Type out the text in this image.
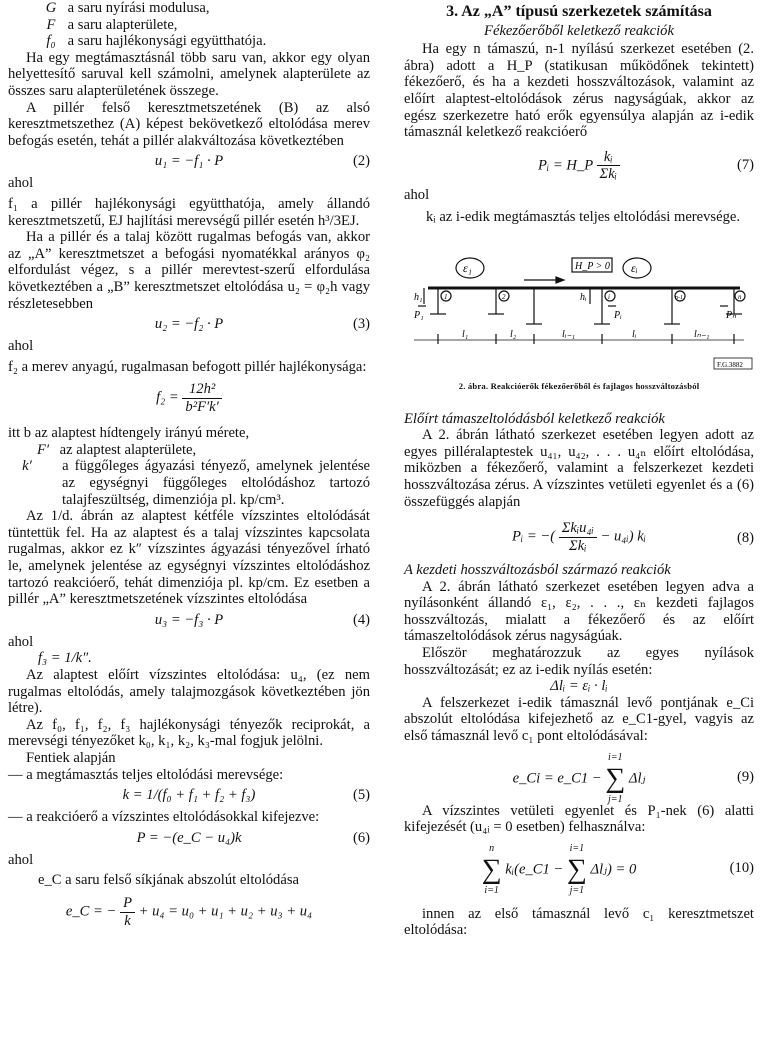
G a saru nyírási modulusa,

F a saru alapterülete,

f₀ a saru hajlékonysági együtthatója.

Ha egy megtámasztásnál több saru van, akkor egy olyan helyettesítő saruval kell számolni, amelynek alapterülete az összes saru alapterületének összege.

A pillér felső keresztmetszetének (B) az alsó keresztmetszethez (A) képest bekövetkező eltolódása merev befogás esetén, tehát a pillér alakváltozása következtében

u₁ = −f₁ · P	(2)

ahol

f₁ a pillér hajlékonysági együtthatója, amely állandó keresztmetszetű, EJ hajlítási merevségű pillér esetén h³/3EJ.

Ha a pillér és a talaj között rugalmas befogás van, akkor az „A” keresztmetszet a befogási nyomatékkal arányos φ₂ elfordulást végez, s a pillér merevtest-szerű elfordulása következtében a „B” keresztmetszet eltolódása u₂ = φ₂h vagy részletesebben

u₂ = −f₂ · P	(3)

ahol

f₂ a merev anyagú, rugalmasan befogott pillér hajlékonysága:

$f_2 = \frac{\text{12h²}}{\text{b²F′k′}}$

itt b az alaptest hídtengely irányú mérete,

F′ az alaptest alapterülete,

k′ a függőleges ágyazási tényező, amelynek jelentése az egységnyi függőleges eltolódáshoz tartozó talajfeszültség, dimenziója pl. kp/cm³.

Az 1/d. ábrán az alaptest kétféle vízszintes eltolódását tüntettük fel. Ha az alaptest és a talaj vízszintes kapcsolata rugalmas, akkor ez k″ vízszintes ágyazási tényezővel írható le, amelynek jelentése az egységnyi vízszintes eltolódáshoz tartozó reakcióerő, tehát dimenziója pl. kp/cm. Ez esetben a pillér „A” keresztmetszetének vízszintes eltolódása

u₃ = −f₃ · P	(4)

ahol

f₃ = 1/k″.

Az alaptest előírt vízszintes eltolódása: u₄, (ez nem rugalmas eltolódás, amely talajmozgások következtében jön létre).

Az f₀, f₁, f₂, f₃ hajlékonysági tényezők reciprokát, a merevségi tényezőket k₀, k₁, k₂, k₃-mal fogjuk jelölni.

Fentiek alapján

— a megtámasztás teljes eltolódási merevsége:

k = 1/(f₀ + f₁ + f₂ + f₃)	(5)

— a reakcióerő a vízszintes eltolódásokkal kifejezve:

P = −(e_C − u₄)k	(6)

ahol

e_C a saru felső síkjának abszolút eltolódása

e_C = − $\frac{P}{k} + u_4 = u_0 + u_1 + u_2 + u_3 + u_4$
3. Az „A” típusú szerkezetek számítása

Fékezőerőből keletkező reakciók

Ha egy n támaszú, n-1 nyílású szerkezet esetében (2. ábra) adott a H_P (statikusan működőnek tekintett) fékezőerő, és ha a kezdeti hosszváltozások, valamint az előírt alaptest-eltolódások zérus nagyságúak, akkor az egész szerkezetre ható erők egyensúlya alapján az i-edik támasznál keletkező reakcióerő

Pᵢ = H_P $\frac{\text{kᵢ}}{\text{Σkᵢ}}$	(7)

ahol

kᵢ az i-edik megtámasztás teljes eltolódási merevsége.

ε₁	εᵢ
H_P > 0
h₁	hᵢ
1	2	i	n-1	n
P₁	Pᵢ	Pₙ
l₁	l₂	lᵢ₋₁	lᵢ	lₙ₋₁
F.G.3882

2. ábra. Reakcióerők fékezőerőből és fajlagos hosszváltozásból

Előírt támaszeltolódásból keletkező reakciók

A 2. ábrán látható szerkezet esetében legyen adott az egyes pilléralaptestek u₄₁, u₄₂, . . . u₄ₙ előírt eltolódása, miközben a fékezőerő, valamint a felszerkezet kezdeti hosszváltozása zérus. A vízszintes vetületi egyenlet és a (6) összefüggés alapján

Pᵢ = −( $\frac{\text{Σkᵢu₄ᵢ}}{\text{Σkᵢ}}$ − u₄ᵢ) kᵢ	(8)

A kezdeti hosszváltozásból származó reakciók

A 2. ábrán látható szerkezet esetében legyen adva a nyílásonként állandó ε₁, ε₂, . . ., εₙ kezdeti fajlagos hosszváltozás, mialatt a fékezőerő és az előírt támaszeltolódások zérus nagyságúak.

Először meghatározzuk az egyes nyílások hosszváltozását; ez az i-edik nyílás esetén:

Δlᵢ = εᵢ · lᵢ

A felszerkezet i-edik támasznál levő pontjának e_Ci abszolút eltolódása kifejezhető az e_C1-gyel, vagyis az első támasznál levő c₁ pont eltolódásával:

e_Ci = e_C1 −
i=1
∑
j=1
Δlⱼ	(9)

A vízszintes vetületi egyenlet és P₁-nek (6) alatti kifejezését (u₄ᵢ = 0 esetben) felhasználva:

n
∑
i=1
kᵢ(e_C1 −
i=1
∑
j=1
Δlⱼ) = 0	(10)

innen az első támasznál levő c₁ keresztmetszet eltolódása:
